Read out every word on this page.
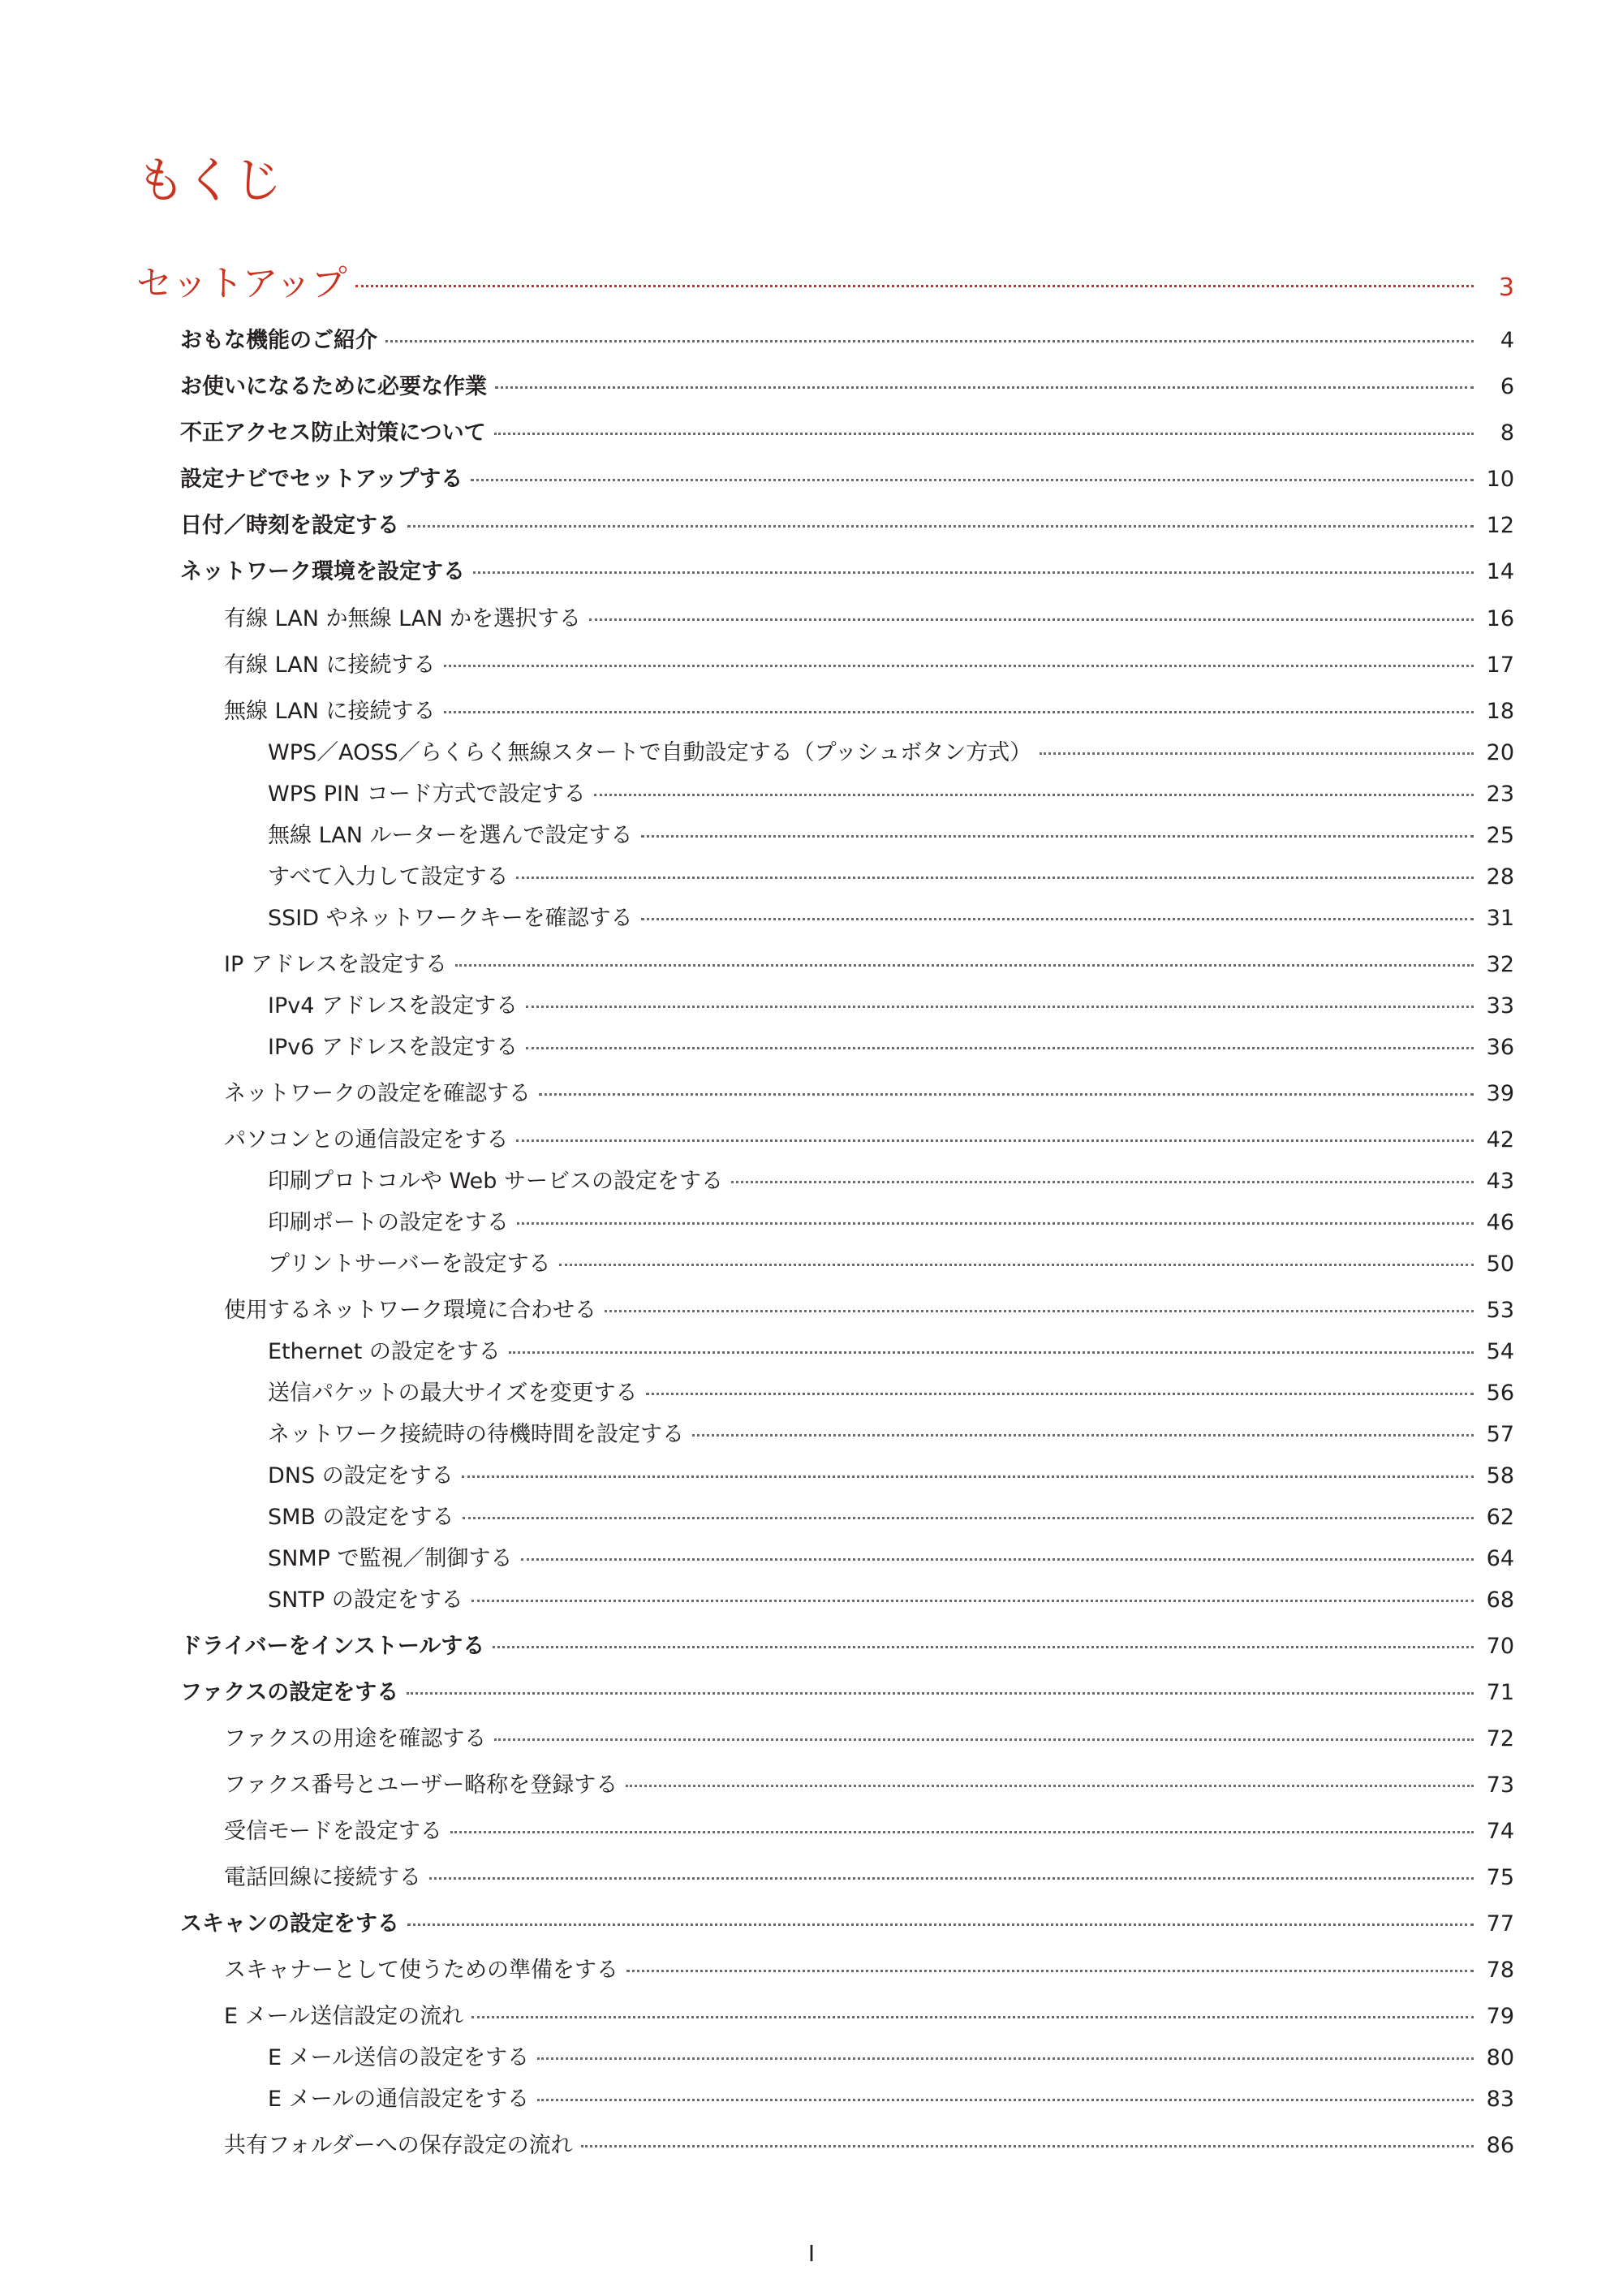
もくじ
セットアップ	3
おもな機能のご紹介	4
お使いになるために必要な作業	6
不正アクセス防止対策について	8
設定ナビでセットアップする	10
日付／時刻を設定する	12
ネットワーク環境を設定する	14
有線 LAN か無線 LAN かを選択する	16
有線 LAN に接続する	17
無線 LAN に接続する	18
WPS／AOSS／らくらく無線スタートで自動設定する（プッシュボタン方式）	20
WPS PIN コード方式で設定する	23
無線 LAN ルーターを選んで設定する	25
すべて入力して設定する	28
SSID やネットワークキーを確認する	31
IP アドレスを設定する	32
IPv4 アドレスを設定する	33
IPv6 アドレスを設定する	36
ネットワークの設定を確認する	39
パソコンとの通信設定をする	42
印刷プロトコルや Web サービスの設定をする	43
印刷ポートの設定をする	46
プリントサーバーを設定する	50
使用するネットワーク環境に合わせる	53
Ethernet の設定をする	54
送信パケットの最大サイズを変更する	56
ネットワーク接続時の待機時間を設定する	57
DNS の設定をする	58
SMB の設定をする	62
SNMP で監視／制御する	64
SNTP の設定をする	68
ドライバーをインストールする	70
ファクスの設定をする	71
ファクスの用途を確認する	72
ファクス番号とユーザー略称を登録する	73
受信モードを設定する	74
電話回線に接続する	75
スキャンの設定をする	77
スキャナーとして使うための準備をする	78
E メール送信設定の流れ	79
E メール送信の設定をする	80
E メールの通信設定をする	83
共有フォルダーへの保存設定の流れ	86
I
